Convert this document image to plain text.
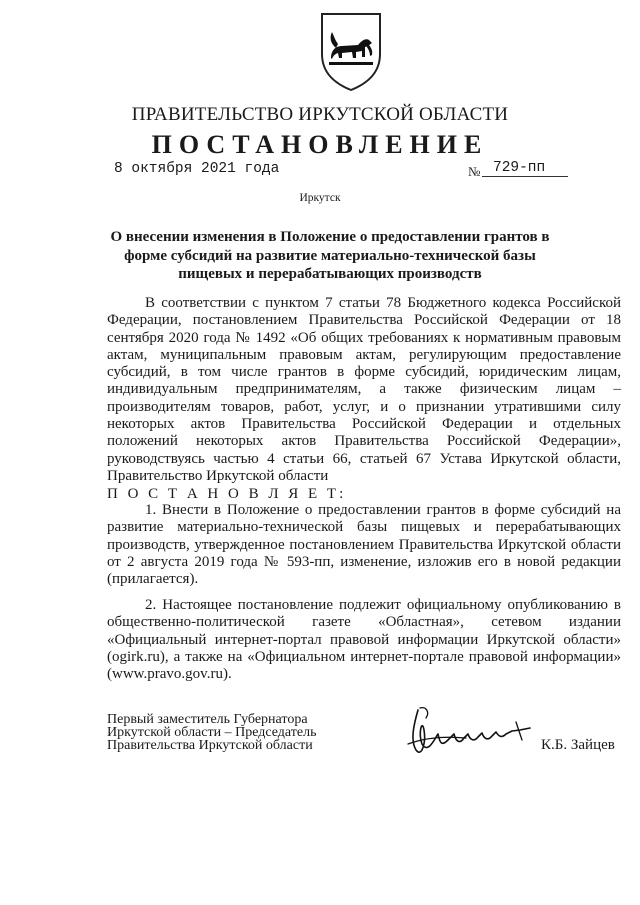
ПРАВИТЕЛЬСТВО ИРКУТСКОЙ ОБЛАСТИ
ПОСТАНОВЛЕНИЕ
8 октября 2021 года	№ 729-пп
Иркутск
О внесении изменения в Положение о предоставлении грантов в форме субсидий на развитие материально-технической базы пищевых и перерабатывающих производств
В соответствии с пунктом 7 статьи 78 Бюджетного кодекса Российской Федерации, постановлением Правительства Российской Федерации от 18 сентября 2020 года № 1492 «Об общих требованиях к нормативным правовым актам, муниципальным правовым актам, регулирующим предоставление субсидий, в том числе грантов в форме субсидий, юридическим лицам, индивидуальным предпринимателям, а также физическим лицам – производителям товаров, работ, услуг, и о признании утратившими силу некоторых актов Правительства Российской Федерации и отдельных положений некоторых актов Правительства Российской Федерации», руководствуясь частью 4 статьи 66, статьей 67 Устава Иркутской области, Правительство Иркутской области
П О С Т А Н О В Л Я Е Т:
1. Внести в Положение о предоставлении грантов в форме субсидий на развитие материально-технической базы пищевых и перерабатывающих производств, утвержденное постановлением Правительства Иркутской области от 2 августа 2019 года № 593-пп, изменение, изложив его в новой редакции (прилагается).
2. Настоящее постановление подлежит официальному опубликованию в общественно-политической газете «Областная», сетевом издании «Официальный интернет-портал правовой информации Иркутской области» (ogirk.ru), а также на «Официальном интернет-портале правовой информации» (www.pravo.gov.ru).
Первый заместитель Губернатора
Иркутской области – Председатель
Правительства Иркутской области	К.Б. Зайцев
